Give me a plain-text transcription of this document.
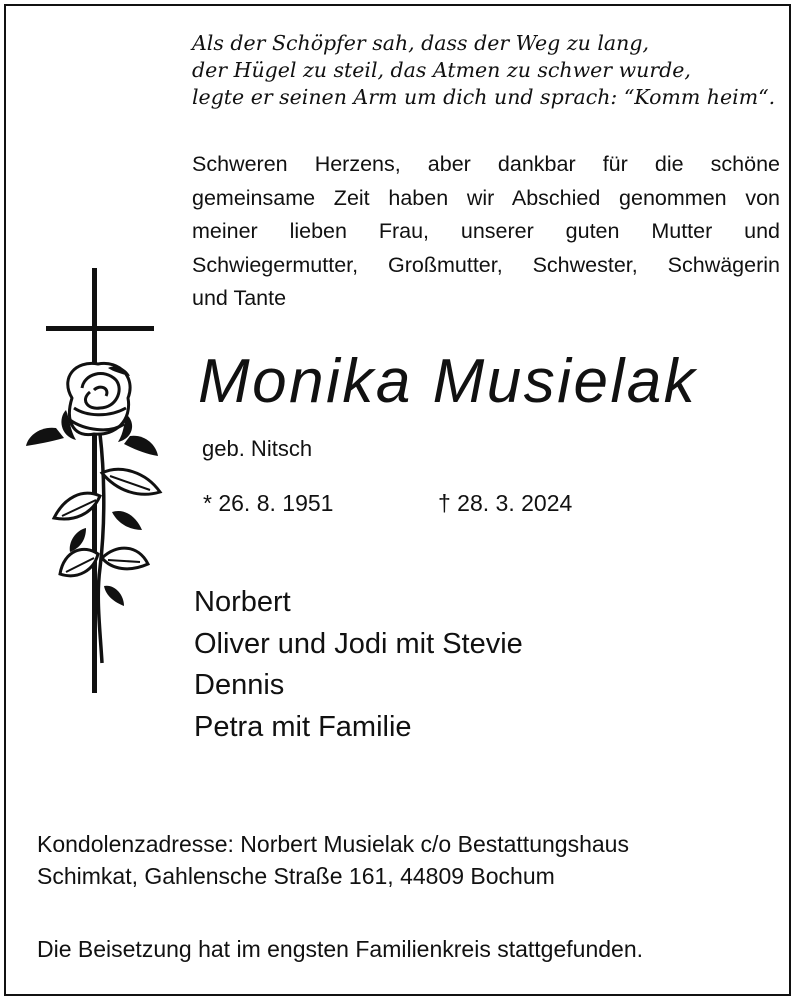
Als der Schöpfer sah, dass der Weg zu lang,
der Hügel zu steil, das Atmen zu schwer wurde,
legte er seinen Arm um dich und sprach: “Komm heim“.
Schweren Herzens, aber dankbar für die schöne
gemeinsame Zeit haben wir Abschied genommen von
meiner lieben Frau, unserer guten Mutter und
Schwiegermutter, Großmutter, Schwester, Schwägerin
und Tante
Monika Musielak
geb. Nitsch
* 26. 8. 1951	† 28. 3. 2024
Norbert
Oliver und Jodi mit Stevie
Dennis
Petra mit Familie
Kondolenzadresse: Norbert Musielak c/o Bestattungshaus
Schimkat, Gahlensche Straße 161, 44809 Bochum
Die Beisetzung hat im engsten Familienkreis stattgefunden.
